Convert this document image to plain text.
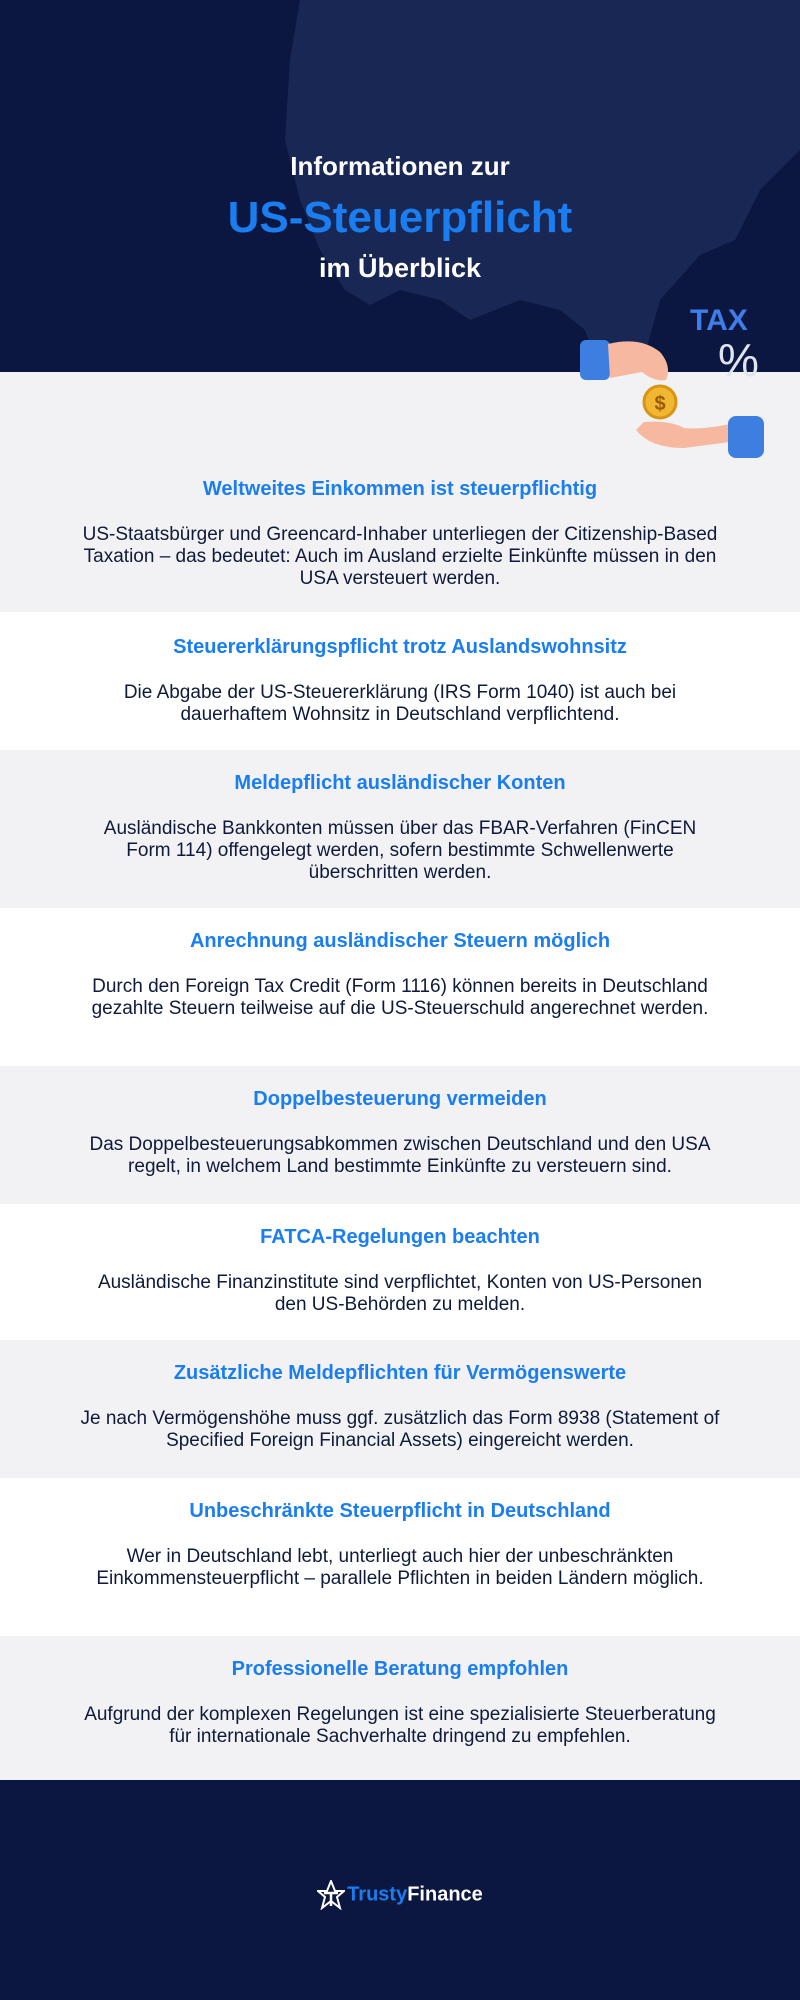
Informationen zur
US-Steuerpflicht
im Überblick
Weltweites Einkommen ist steuerpflichtig

US-Staatsbürger und Greencard-Inhaber unterliegen der Citizenship-Based Taxation – das bedeutet: Auch im Ausland erzielte Einkünfte müssen in den USA versteuert werden.

Steuererklärungspflicht trotz Auslandswohnsitz

Die Abgabe der US-Steuererklärung (IRS Form 1040) ist auch bei dauerhaftem Wohnsitz in Deutschland verpflichtend.

Meldepflicht ausländischer Konten

Ausländische Bankkonten müssen über das FBAR-Verfahren (FinCEN Form 114) offengelegt werden, sofern bestimmte Schwellenwerte überschritten werden.

Anrechnung ausländischer Steuern möglich

Durch den Foreign Tax Credit (Form 1116) können bereits in Deutschland gezahlte Steuern teilweise auf die US-Steuerschuld angerechnet werden.

Doppelbesteuerung vermeiden

Das Doppelbesteuerungsabkommen zwischen Deutschland und den USA regelt, in welchem Land bestimmte Einkünfte zu versteuern sind.

FATCA-Regelungen beachten

Ausländische Finanzinstitute sind verpflichtet, Konten von US-Personen den US-Behörden zu melden.

Zusätzliche Meldepflichten für Vermögenswerte

Je nach Vermögenshöhe muss ggf. zusätzlich das Form 8938 (Statement of Specified Foreign Financial Assets) eingereicht werden.

Unbeschränkte Steuerpflicht in Deutschland

Wer in Deutschland lebt, unterliegt auch hier der unbeschränkten Einkommensteuerpflicht – parallele Pflichten in beiden Ländern möglich.

Professionelle Beratung empfohlen

Aufgrund der komplexen Regelungen ist eine spezialisierte Steuerberatung für internationale Sachverhalte dringend zu empfehlen.

TAX
%
$
TrustyFinance
